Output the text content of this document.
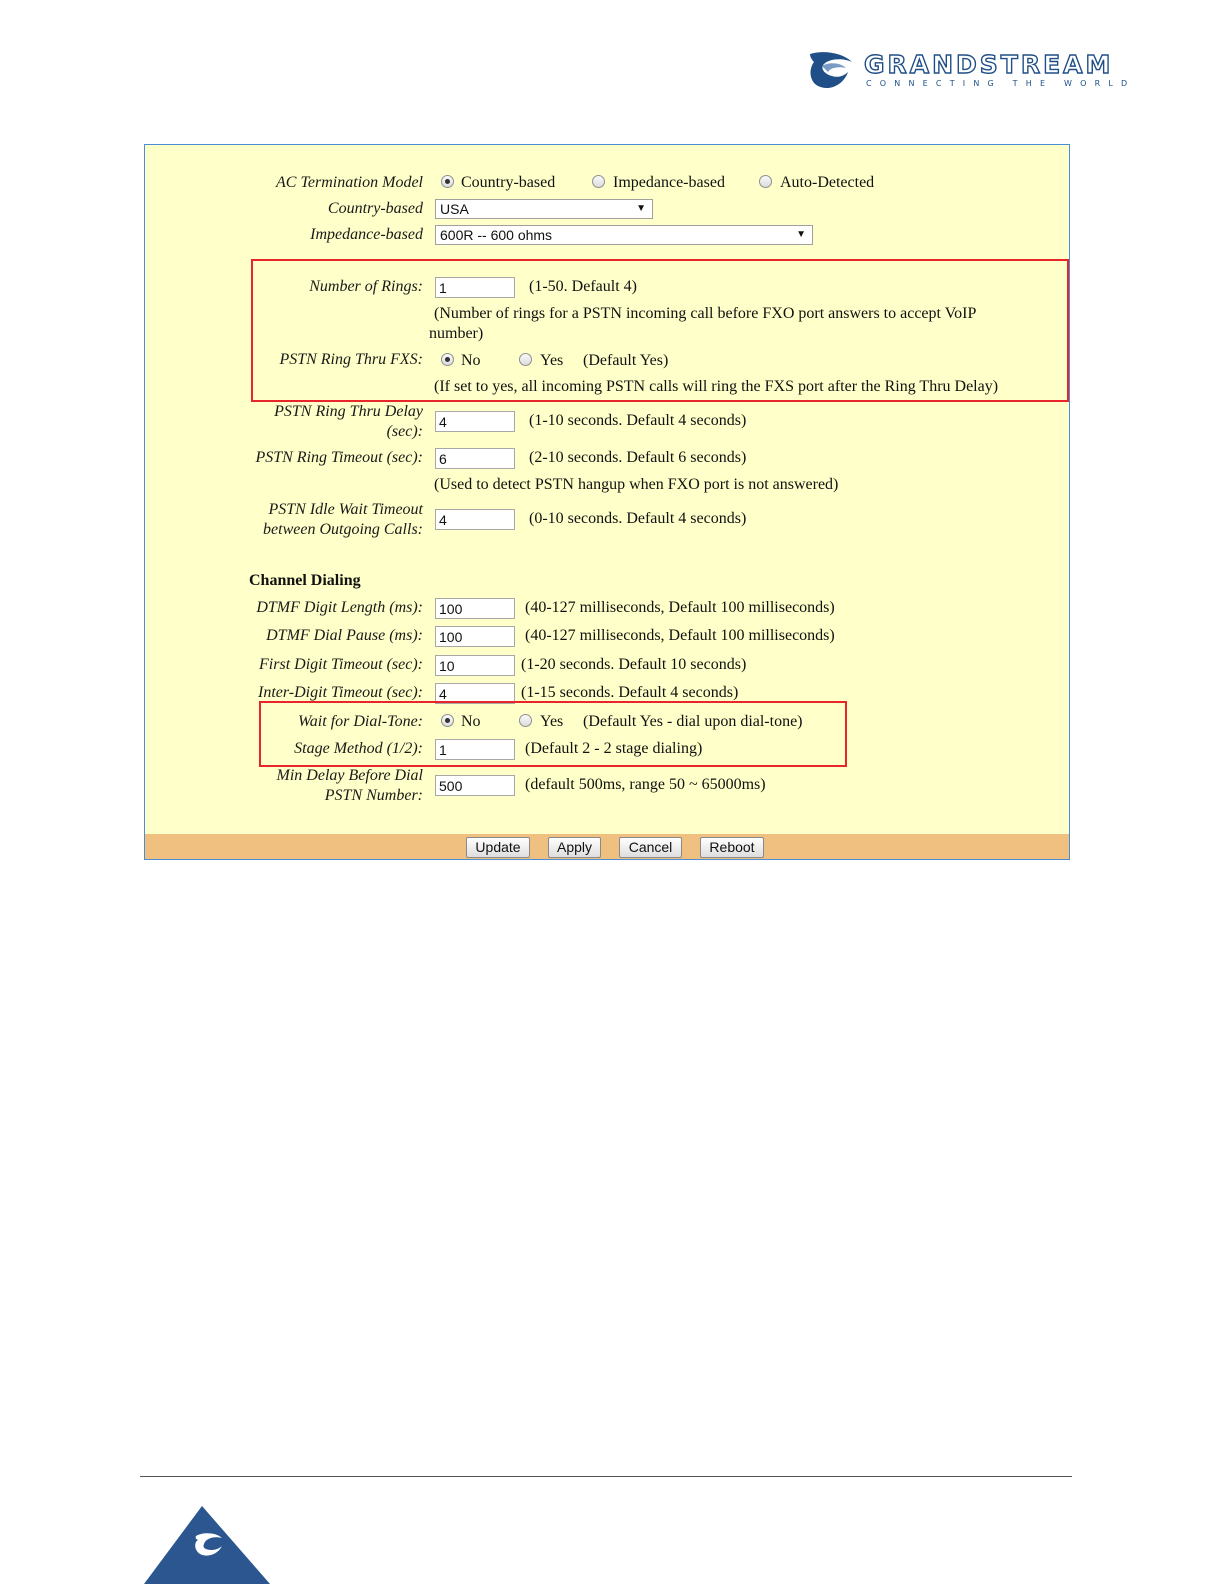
GRANDSTREAM
CONNECTING THE WORLD
AC Termination Model Country-based	Impedance-based	Auto-Detected
Country-based	USA	▼
Impedance-based	600R -- 600 ohms	▼
Number of Rings: 1	(1-50. Default 4)
(Number of rings for a PSTN incoming call before FXO port answers to accept VoIP
number)
PSTN Ring Thru FXS: No	Yes (Default Yes)
(If set to yes, all incoming PSTN calls will ring the FXS port after the Ring Thru Delay)
PSTN Ring Thru Delay
(sec):
4	(1-10 seconds. Default 4 seconds)
PSTN Ring Timeout (sec): 6	(2-10 seconds. Default 6 seconds)
(Used to detect PSTN hangup when FXO port is not answered)
PSTN Idle Wait Timeout
between Outgoing Calls:
4	(0-10 seconds. Default 4 seconds)
Channel Dialing
DTMF Digit Length (ms): 100	(40-127 milliseconds, Default 100 milliseconds)
DTMF Dial Pause (ms): 100	(40-127 milliseconds, Default 100 milliseconds)
First Digit Timeout (sec): 10	(1-20 seconds. Default 10 seconds)
Inter-Digit Timeout (sec): 4	(1-15 seconds. Default 4 seconds)
Wait for Dial-Tone: No	Yes (Default Yes - dial upon dial-tone)
Stage Method (1/2): 1	(Default 2 - 2 stage dialing)
Min Delay Before Dial
PSTN Number:
500	(default 500ms, range 50 ~ 65000ms)
Update	Apply	Cancel	Reboot
